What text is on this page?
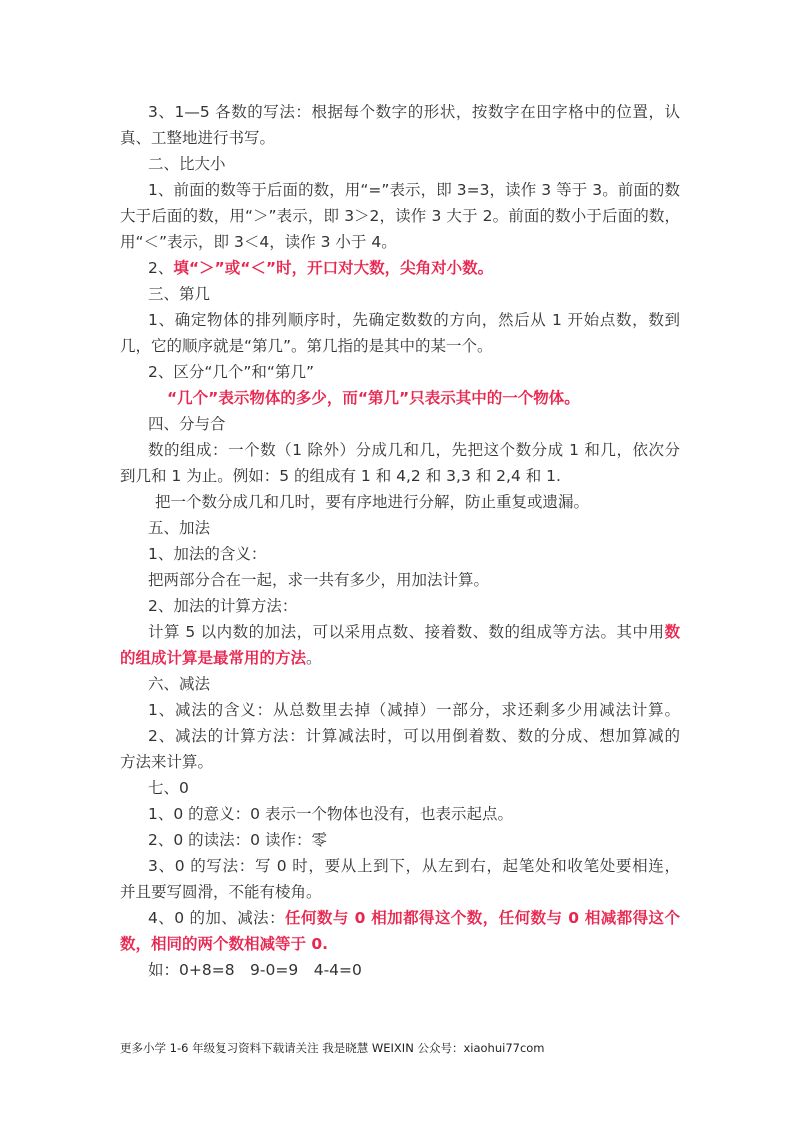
3、1—5 各数的写法：根据每个数字的形状，按数字在田字格中的位置，认
真、工整地进行书写。
二、比大小
1、前面的数等于后面的数，用“=”表示，即 3=3，读作 3 等于 3。前面的数
大于后面的数，用“＞”表示，即 3＞2，读作 3 大于 2。前面的数小于后面的数，
用“＜”表示，即 3＜4，读作 3 小于 4。
2、填“＞”或“＜”时，开口对大数，尖角对小数。
三、第几
1、确定物体的排列顺序时，先确定数数的方向，然后从 1 开始点数，数到
几，它的顺序就是“第几”。第几指的是其中的某一个。
2、区分“几个”和“第几”
“几个”表示物体的多少，而“第几”只表示其中的一个物体。
四、分与合
数的组成：一个数（1 除外）分成几和几，先把这个数分成 1 和几，依次分
到几和 1 为止。例如：5 的组成有 1 和 4,2 和 3,3 和 2,4 和 1.
把一个数分成几和几时，要有序地进行分解，防止重复或遗漏。
五、加法
1、加法的含义：
把两部分合在一起，求一共有多少，用加法计算。
2、加法的计算方法：
计算 5 以内数的加法，可以采用点数、接着数、数的组成等方法。其中用数
的组成计算是最常用的方法。
六、减法
1、减法的含义：从总数里去掉（减掉）一部分，求还剩多少用减法计算。
2、减法的计算方法：计算减法时，可以用倒着数、数的分成、想加算减的
方法来计算。
七、0
1、0 的意义：0 表示一个物体也没有，也表示起点。
2、0 的读法：0 读作：零
3、0 的写法：写 0 时，要从上到下，从左到右，起笔处和收笔处要相连，
并且要写圆滑，不能有棱角。
4、0 的加、减法：任何数与 0 相加都得这个数，任何数与 0 相减都得这个
数，相同的两个数相减等于 0.
如：0+8=8　9-0=9　4-4=0
更多小学 1-6 年级复习资料下载请关注 我是晓慧 WEIXIN 公众号：xiaohui77com
